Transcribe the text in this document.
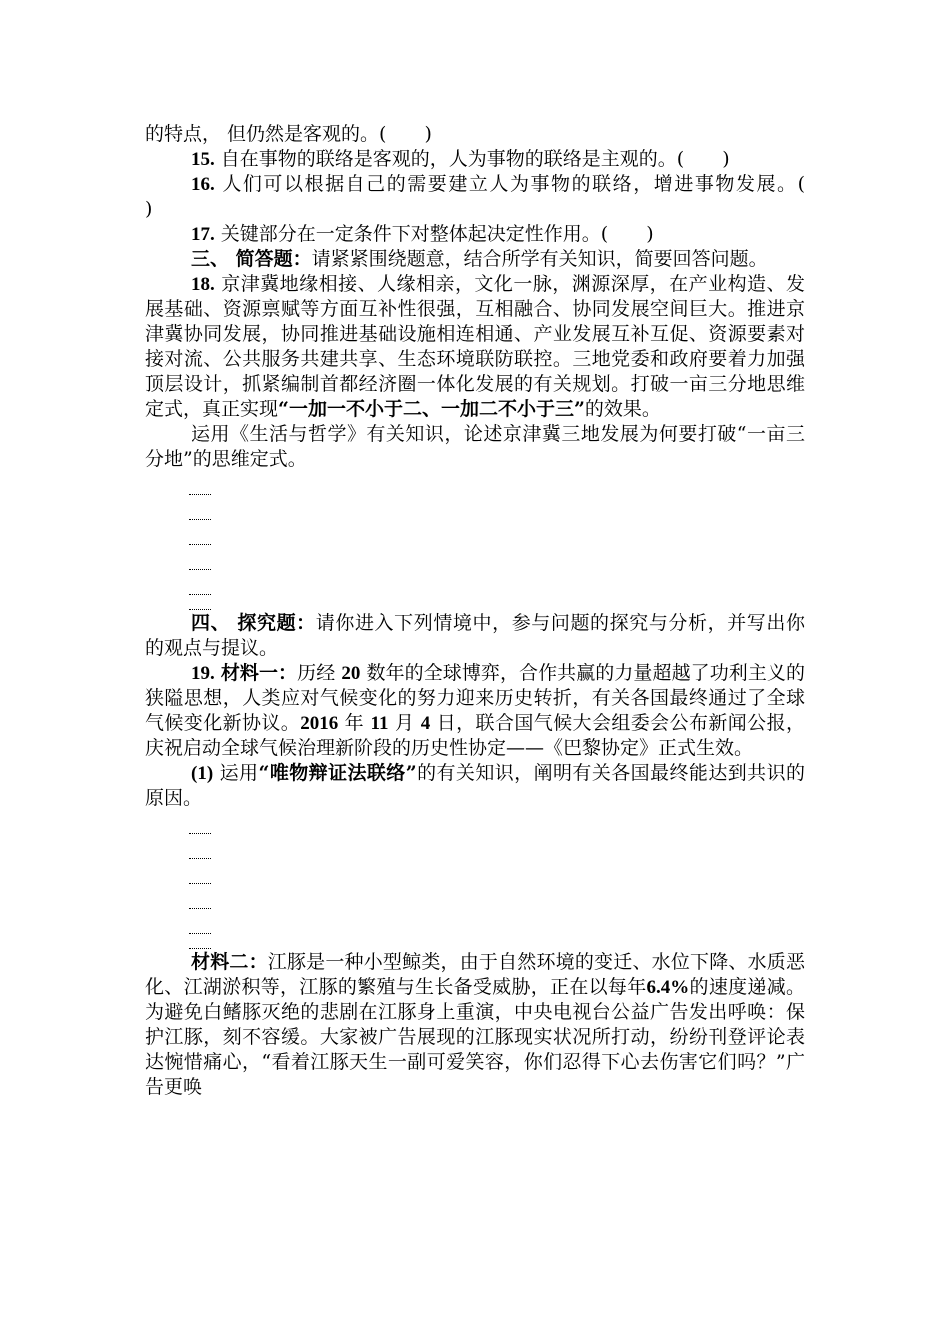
的特点， 但仍然是客观的。(　　)

15. 自在事物的联络是客观的，人为事物的联络是主观的。(　　)

16. 人们可以根据自己的需要建立人为事物的联络，增进事物发展。(　　)

17. 关键部分在一定条件下对整体起决定性作用。(　　)

三、 简答题：请紧紧围绕题意，结合所学有关知识，简要回答问题。

18. 京津冀地缘相接、人缘相亲，文化一脉，渊源深厚，在产业构造、发展基础、资源禀赋等方面互补性很强，互相融合、协同发展空间巨大。推进京津冀协同发展，协同推进基础设施相连相通、产业发展互补互促、资源要素对接对流、公共服务共建共享、生态环境联防联控。三地党委和政府要着力加强顶层设计，抓紧编制首都经济圈一体化发展的有关规划。打破一亩三分地思维定式，真正实现“一加一不小于二、一加二不小于三”的效果。

运用《生活与哲学》有关知识，论述京津冀三地发展为何要打破“一亩三分地”的思维定式。

四、 探究题：请你进入下列情境中，参与问题的探究与分析，并写出你的观点与提议。

19. 材料一：历经 20 数年的全球博弈，合作共赢的力量超越了功利主义的狭隘思想，人类应对气候变化的努力迎来历史转折，有关各国最终通过了全球气候变化新协议。2016 年 11 月 4 日，联合国气候大会组委会公布新闻公报，庆祝启动全球气候治理新阶段的历史性协定——《巴黎协定》正式生效。

(1) 运用“唯物辩证法联络”的有关知识，阐明有关各国最终能达到共识的原因。

材料二：江豚是一种小型鲸类，由于自然环境的变迁、水位下降、水质恶化、江湖淤积等，江豚的繁殖与生长备受威胁，正在以每年6.4%的速度递减。为避免白鳍豚灭绝的悲剧在江豚身上重演，中央电视台公益广告发出呼唤：保护江豚，刻不容缓。大家被广告展现的江豚现实状况所打动，纷纷刊登评论表达惋惜痛心，“看着江豚天生一副可爱笑容，你们忍得下心去伤害它们吗？”广告更唤
